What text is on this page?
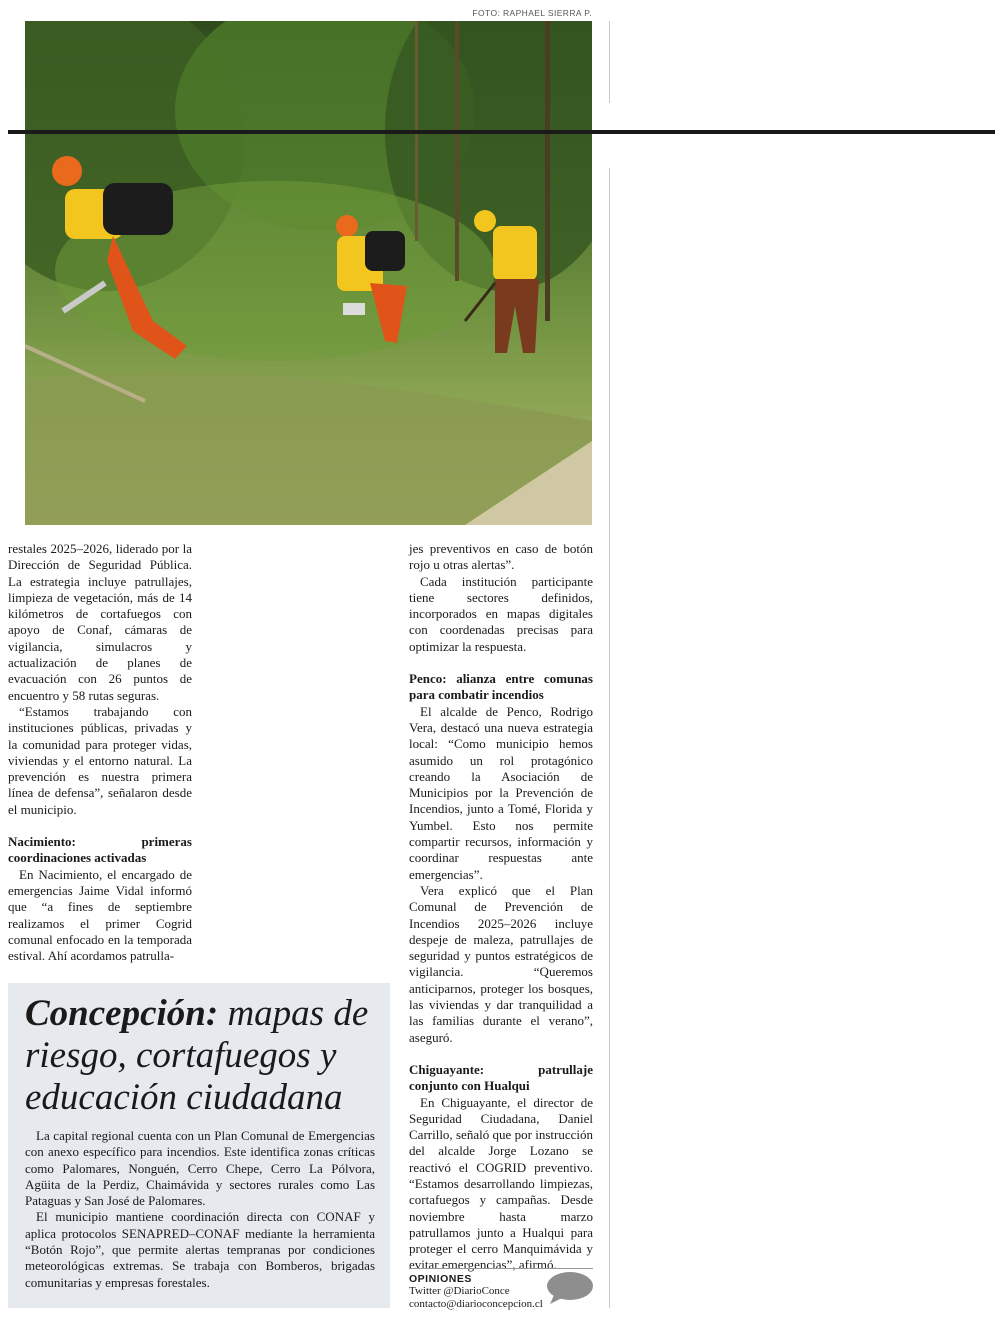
FOTO: RAPHAEL SIERRA P.

restales 2025–2026, liderado por la Dirección de Seguridad Pública. La estrategia incluye patrullajes, limpieza de vegetación, más de 14 kilómetros de cortafuegos con apoyo de Conaf, cámaras de vigilancia, simulacros y actualización de planes de evacuación con 26 puntos de encuentro y 58 rutas seguras.

“Estamos trabajando con instituciones públicas, privadas y la comunidad para proteger vidas, viviendas y el entorno natural. La prevención es nuestra primera línea de defensa”, señalaron desde el municipio.

Nacimiento: primeras coordinaciones activadas

En Nacimiento, el encargado de emergencias Jaime Vidal informó que “a fines de septiembre realizamos el primer Cogrid comunal enfocado en la temporada estival. Ahí acordamos patrulla-

jes preventivos en caso de botón rojo u otras alertas”.

Cada institución participante tiene sectores definidos, incorporados en mapas digitales con coordenadas precisas para optimizar la respuesta.

Penco: alianza entre comunas para combatir incendios

El alcalde de Penco, Rodrigo Vera, destacó una nueva estrategia local: “Como municipio hemos asumido un rol protagónico creando la Asociación de Municipios por la Prevención de Incendios, junto a Tomé, Florida y Yumbel. Esto nos permite compartir recursos, información y coordinar respuestas ante emergencias”.

Vera explicó que el Plan Comunal de Prevención de Incendios 2025–2026 incluye despeje de maleza, patrullajes de seguridad y puntos estratégicos de vigilancia. “Queremos anticiparnos, proteger los bosques, las viviendas y dar tranquilidad a las familias durante el verano”, aseguró.

Chiguayante: patrullaje conjunto con Hualqui

En Chiguayante, el director de Seguridad Ciudadana, Daniel Carrillo, señaló que por instrucción del alcalde Jorge Lozano se reactivó el COGRID preventivo. “Estamos desarrollando limpiezas, cortafuegos y campañas. Desde noviembre hasta marzo patrullamos junto a Hualqui para proteger el cerro Manquimávida y evitar emergencias”, afirmó.

Concepción: mapas de riesgo, cortafuegos y educación ciudadana

La capital regional cuenta con un Plan Comunal de Emergencias con anexo específico para incendios. Este identifica zonas críticas como Palomares, Nonguén, Cerro Chepe, Cerro La Pólvora, Agüita de la Perdiz, Chaimávida y sectores rurales como Las Pataguas y San José de Palomares.

El municipio mantiene coordinación directa con CONAF y aplica protocolos SENAPRED–CONAF mediante la herramienta “Botón Rojo”, que permite alertas tempranas por condiciones meteorológicas extremas. Se trabaja con Bomberos, brigadas comunitarias y empresas forestales.	OPINIONES
Twitter @DiarioConce
contacto@diarioconcepcion.cl
